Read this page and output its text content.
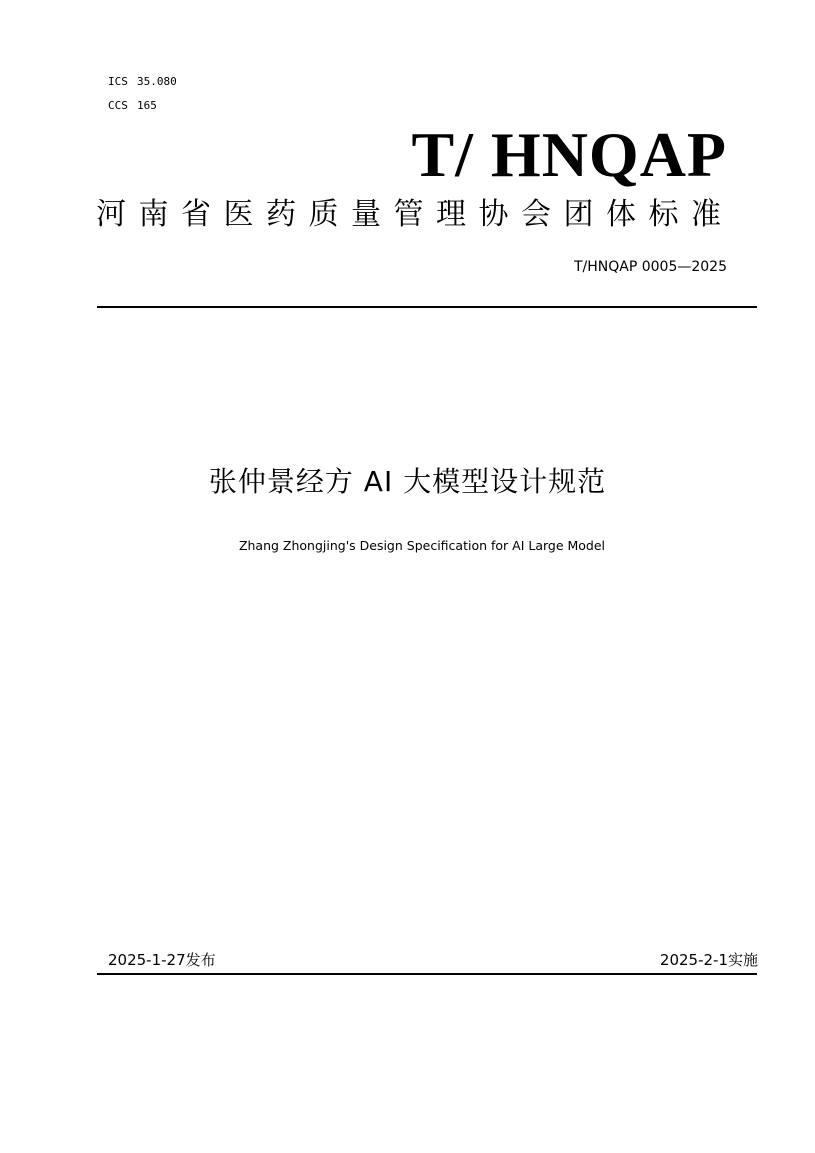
ICS 35.080
CCS 165
T/ HNQAP
河南省医药质量管理协会团体标准
T/HNQAP 0005—2025
张仲景经方 AI 大模型设计规范
Zhang Zhongjing's Design Specification for AI Large Model
2025-1-27发布	2025-2-1实施
